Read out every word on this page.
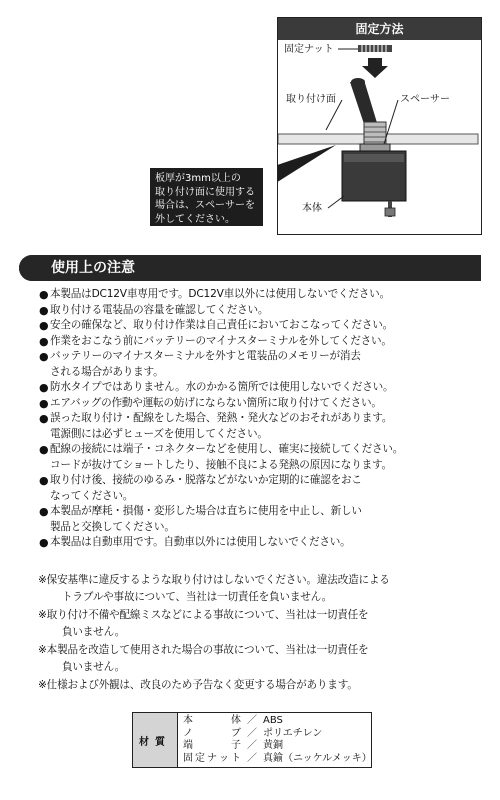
固定方法
固定ナット
取り付け面	スペーサー
本体
板厚が3mm以上の
取り付け面に使用する
場合は、スペーサーを
外してください。
使用上の注意
● 本製品はDC12V車専用です。DC12V車以外には使用しないでください。
● 取り付ける電装品の容量を確認してください。
● 安全の確保など、取り付け作業は自己責任においておこなってください。
● 作業をおこなう前にバッテリーのマイナスターミナルを外してください。
● バッテリーのマイナスターミナルを外すと電装品のメモリーが消去
される場合があります。
● 防水タイプではありません。水のかかる箇所では使用しないでください。
● エアバッグの作動や運転の妨げにならない箇所に取り付けてください。
● 誤った取り付け・配線をした場合、発熱・発火などのおそれがあります。
電源側には必ずヒューズを使用してください。
● 配線の接続には端子・コネクターなどを使用し、確実に接続してください。
コードが抜けてショートしたり、接触不良による発熱の原因になります。
● 取り付け後、接続のゆるみ・脱落などがないか定期的に確認をおこ
なってください。
● 本製品が摩耗・損傷・変形した場合は直ちに使用を中止し、新しい
製品と交換してください。
● 本製品は自動車用です。自動車以外には使用しないでください。
※保安基準に違反するような取り付けはしないでください。違法改造による
トラブルや事故について、当社は一切責任を負いません。
※取り付け不備や配線ミスなどによる事故について、当社は一切責任を
負いません。
※本製品を改造して使用された場合の事故について、当社は一切責任を
負いません。
※仕様および外観は、改良のため予告なく変更する場合があります。
材質
本体 ／ ABS
ノブ ／ ポリエチレン
端子 ／ 黄銅
固定ナット ／ 真鍮（ニッケルメッキ）
